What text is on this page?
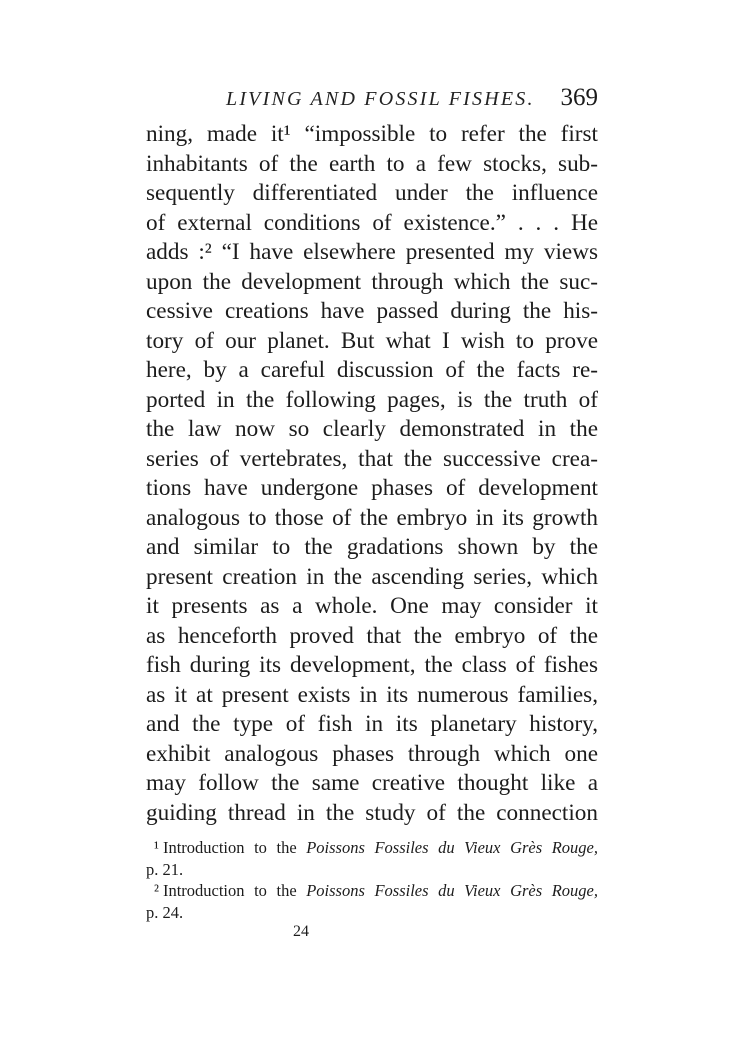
LIVING AND FOSSIL FISHES. 369
ning, made it¹ “impossible to refer the first
inhabitants of the earth to a few stocks, sub-
sequently differentiated under the influence
of external conditions of existence.” . . . He
adds :² “I have elsewhere presented my views
upon the development through which the suc-
cessive creations have passed during the his-
tory of our planet. But what I wish to prove
here, by a careful discussion of the facts re-
ported in the following pages, is the truth of
the law now so clearly demonstrated in the
series of vertebrates, that the successive crea-
tions have undergone phases of development
analogous to those of the embryo in its growth
and similar to the gradations shown by the
present creation in the ascending series, which
it presents as a whole. One may consider it
as henceforth proved that the embryo of the
fish during its development, the class of fishes
as it at present exists in its numerous families,
and the type of fish in its planetary history,
exhibit analogous phases through which one
may follow the same creative thought like a
guiding thread in the study of the connection
¹ Introduction to the Poissons Fossiles du Vieux Grès Rouge,
p. 21.
² Introduction to the Poissons Fossiles du Vieux Grès Rouge,
p. 24.
24
